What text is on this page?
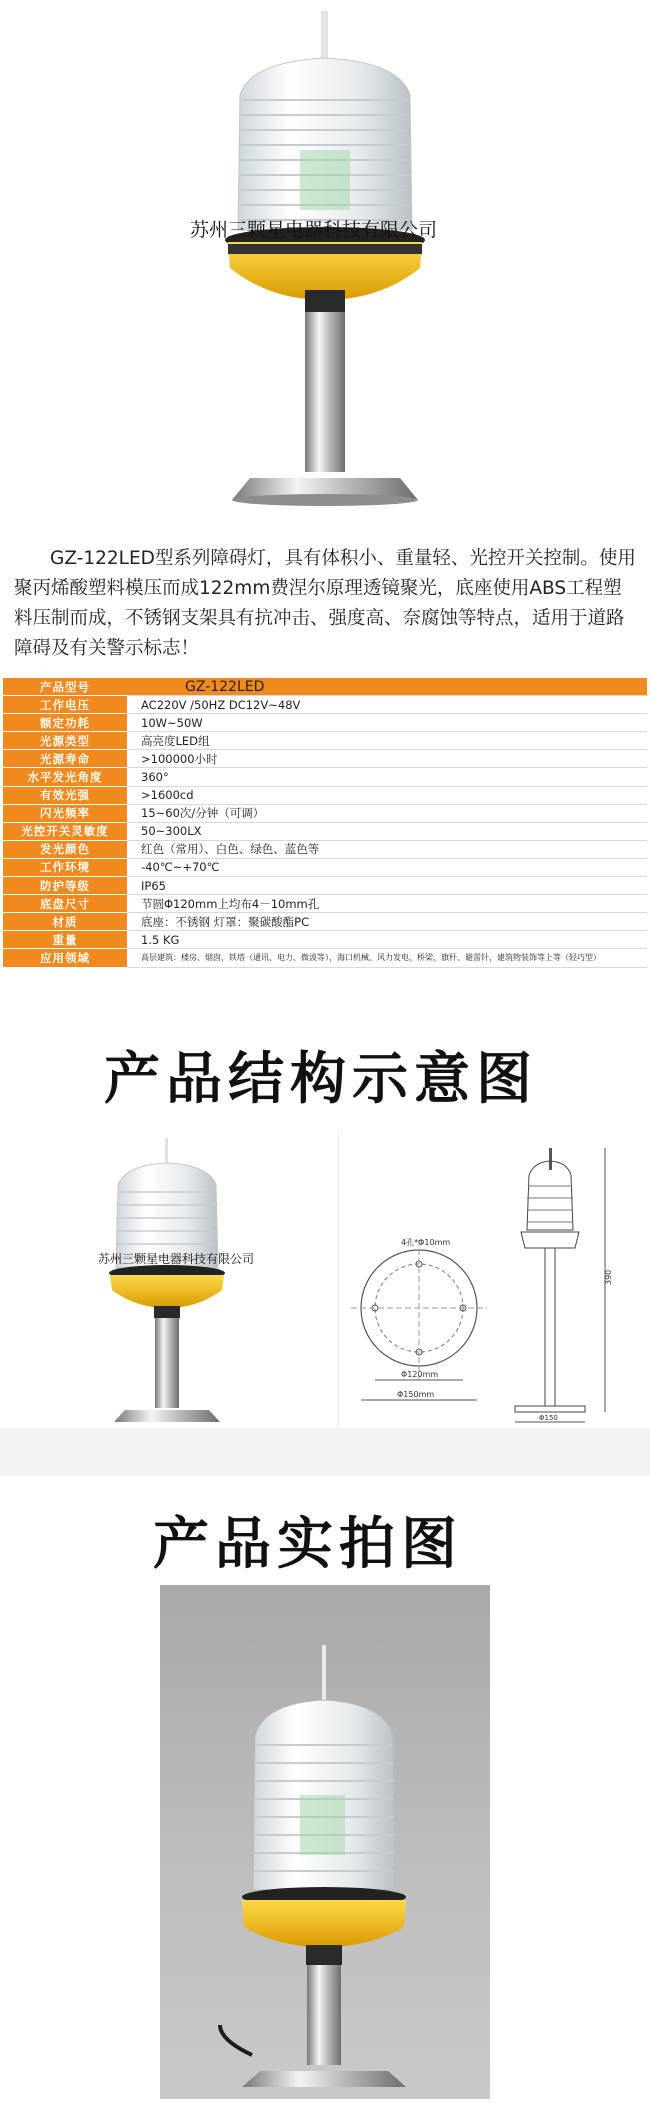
苏州三颗星电器科技有限公司
GZ-122LED型系列障碍灯，具有体积小、重量轻、光控开关控制。使用聚丙烯酸塑料模压而成122mm费涅尔原理透镜聚光，底座使用ABS工程塑料压制而成，不锈钢支架具有抗冲击、强度高、奈腐蚀等特点，适用于道路障碍及有关警示标志！
产品型号		GZ-122LED
工作电压		AC220V /50HZ DC12V~48V
额定功耗		10W~50W
光源类型		高亮度LED组
光源寿命		>100000小时
水平发光角度		360°
有效光强		>1600cd
闪光频率		15~60次/分钟（可调）
光控开关灵敏度		50~300LX
发光颜色		红色（常用）、白色、绿色、蓝色等
工作环境		-40℃~+70℃
防护等级		IP65
底盘尺寸		节圆Φ120mm上均布4－10mm孔
材质		底座：不锈钢 灯罩：聚碳酸酯PC
重量		1.5 KG
应用领域		高层建筑：楼房、烟囱，铁塔（通讯、电力、微波等），海口机械、风力发电、桥梁、旗杆、避雷针，建筑物装饰等上等（轻巧型）
产品结构示意图
苏州三颗星电器科技有限公司
4孔*Φ10mm
Φ120mm
Φ150mm
390
Φ150
产品实拍图
